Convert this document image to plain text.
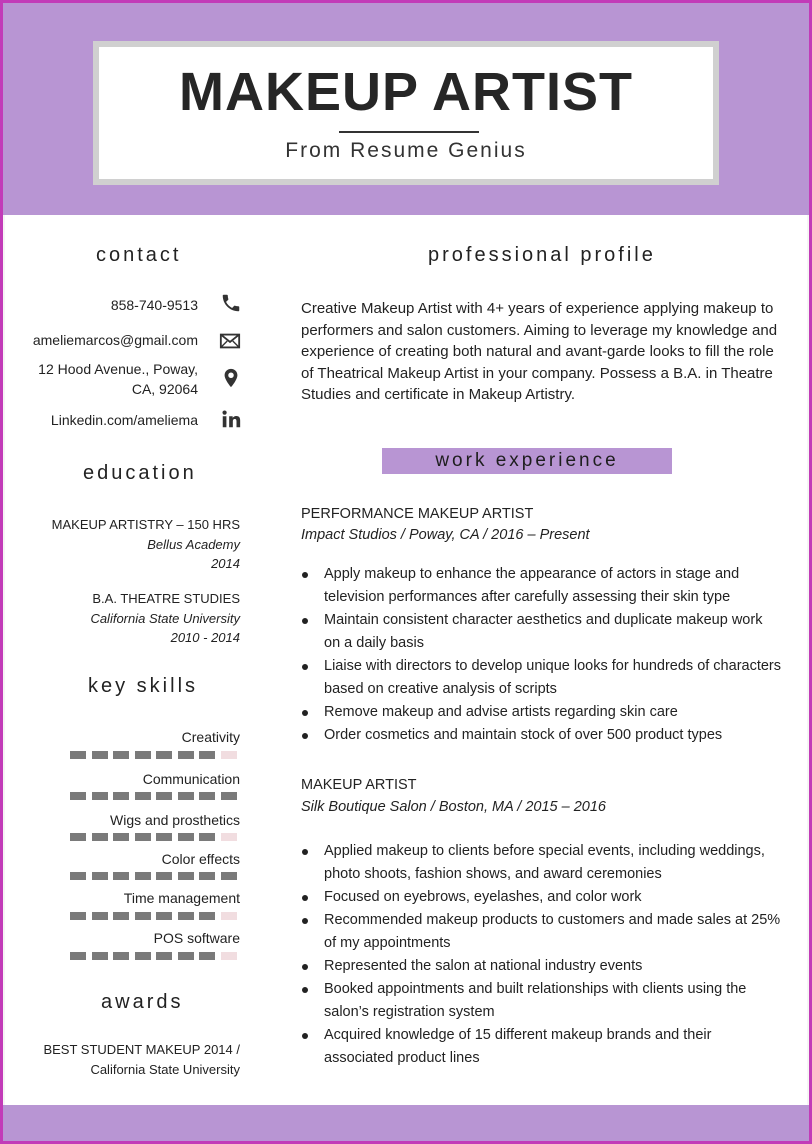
MAKEUP ARTIST
From Resume Genius
contact
858-740-9513
ameliemarcos@gmail.com
12 Hood Avenue., Poway,
CA, 92064
Linkedin.com/ameliema
education
MAKEUP ARTISTRY – 150 HRS
Bellus Academy
2014
B.A. THEATRE STUDIES
California State University
2010 - 2014
key skills
Creativity
Communication
Wigs and prosthetics
Color effects
Time management
POS software
awards
BEST STUDENT MAKEUP 2014 /
California State University
professional profile
Creative Makeup Artist with 4+ years of experience applying makeup to performers and salon customers. Aiming to leverage my knowledge and experience of creating both natural and avant-garde looks to fill the role of Theatrical Makeup Artist in your company. Possess a B.A. in Theatre Studies and certificate in Makeup Artistry.
work experience
PERFORMANCE MAKEUP ARTIST
Impact Studios / Poway, CA / 2016 – Present
Apply makeup to enhance the appearance of actors in stage and television performances after carefully assessing their skin type
Maintain consistent character aesthetics and duplicate makeup work on a daily basis
Liaise with directors to develop unique looks for hundreds of characters based on creative analysis of scripts
Remove makeup and advise artists regarding skin care
Order cosmetics and maintain stock of over 500 product types
MAKEUP ARTIST
Silk Boutique Salon / Boston, MA / 2015 – 2016
Applied makeup to clients before special events, including weddings, photo shoots, fashion shows, and award ceremonies
Focused on eyebrows, eyelashes, and color work
Recommended makeup products to customers and made sales at 25% of my appointments
Represented the salon at national industry events
Booked appointments and built relationships with clients using the salon’s registration system
Acquired knowledge of 15 different makeup brands and their associated product lines
